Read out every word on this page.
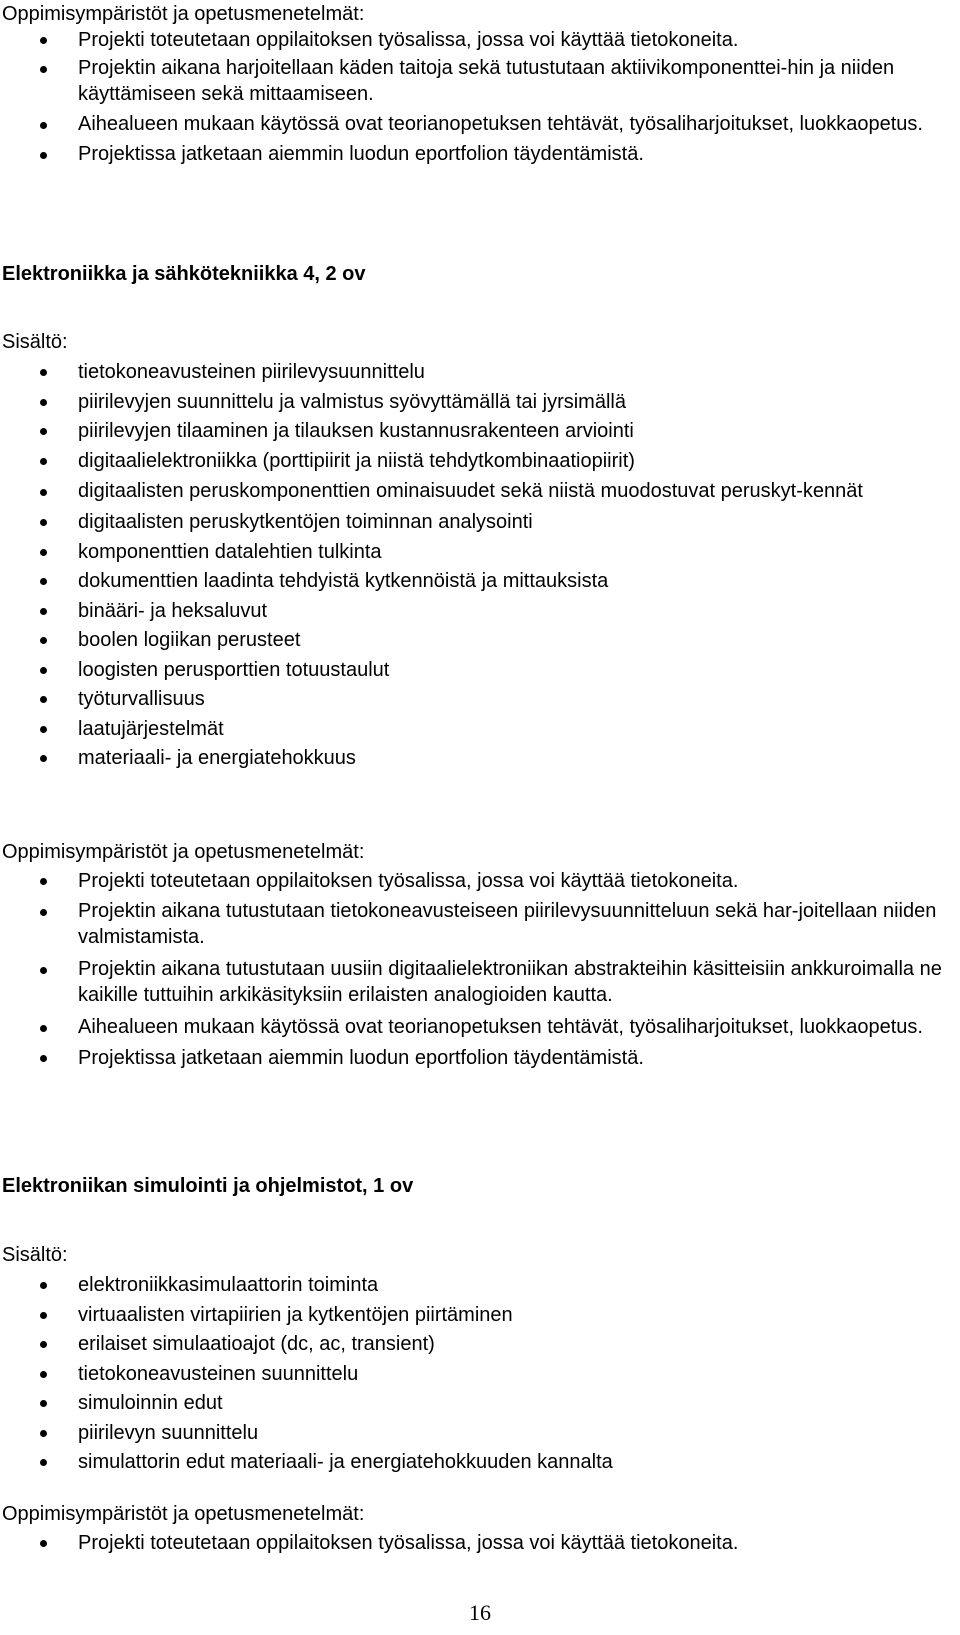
Oppimisympäristöt ja opetusmenetelmät:

Projekti toteutetaan oppilaitoksen työsalissa, jossa voi käyttää tietokoneita.
Projektin aikana harjoitellaan käden taitoja sekä tutustutaan aktiivikomponenttei-hin ja niiden käyttämiseen sekä mittaamiseen.
Aihealueen mukaan käytössä ovat teorianopetuksen tehtävät, työsaliharjoitukset, luokkaopetus.
Projektissa jatketaan aiemmin luodun eportfolion täydentämistä.

Elektroniikka ja sähkötekniikka 4, 2 ov

Sisältö:

tietokoneavusteinen piirilevysuunnittelu
piirilevyjen suunnittelu ja valmistus syövyttämällä tai jyrsimällä
piirilevyjen tilaaminen ja tilauksen kustannusrakenteen arviointi
digitaalielektroniikka (porttipiirit ja niistä tehdytkombinaatiopiirit)
digitaalisten peruskomponenttien ominaisuudet sekä niistä muodostuvat peruskyt-kennät
digitaalisten peruskytkentöjen toiminnan analysointi
komponenttien datalehtien tulkinta
dokumenttien laadinta tehdyistä kytkennöistä ja mittauksista
binääri- ja heksaluvut
boolen logiikan perusteet
loogisten perusporttien totuustaulut
työturvallisuus
laatujärjestelmät
materiaali- ja energiatehokkuus

Oppimisympäristöt ja opetusmenetelmät:

Projekti toteutetaan oppilaitoksen työsalissa, jossa voi käyttää tietokoneita.
Projektin aikana tutustutaan tietokoneavusteiseen piirilevysuunnitteluun sekä har-joitellaan niiden valmistamista.
Projektin aikana tutustutaan uusiin digitaalielektroniikan abstrakteihin käsitteisiin ankkuroimalla ne kaikille tuttuihin arkikäsityksiin erilaisten analogioiden kautta.
Aihealueen mukaan käytössä ovat teorianopetuksen tehtävät, työsaliharjoitukset, luokkaopetus.
Projektissa jatketaan aiemmin luodun eportfolion täydentämistä.

Elektroniikan simulointi ja ohjelmistot, 1 ov

Sisältö:

elektroniikkasimulaattorin toiminta
virtuaalisten virtapiirien ja kytkentöjen piirtäminen
erilaiset simulaatioajot (dc, ac, transient)
tietokoneavusteinen suunnittelu
simuloinnin edut
piirilevyn suunnittelu
simulattorin edut materiaali- ja energiatehokkuuden kannalta

Oppimisympäristöt ja opetusmenetelmät:

Projekti toteutetaan oppilaitoksen työsalissa, jossa voi käyttää tietokoneita.
16
